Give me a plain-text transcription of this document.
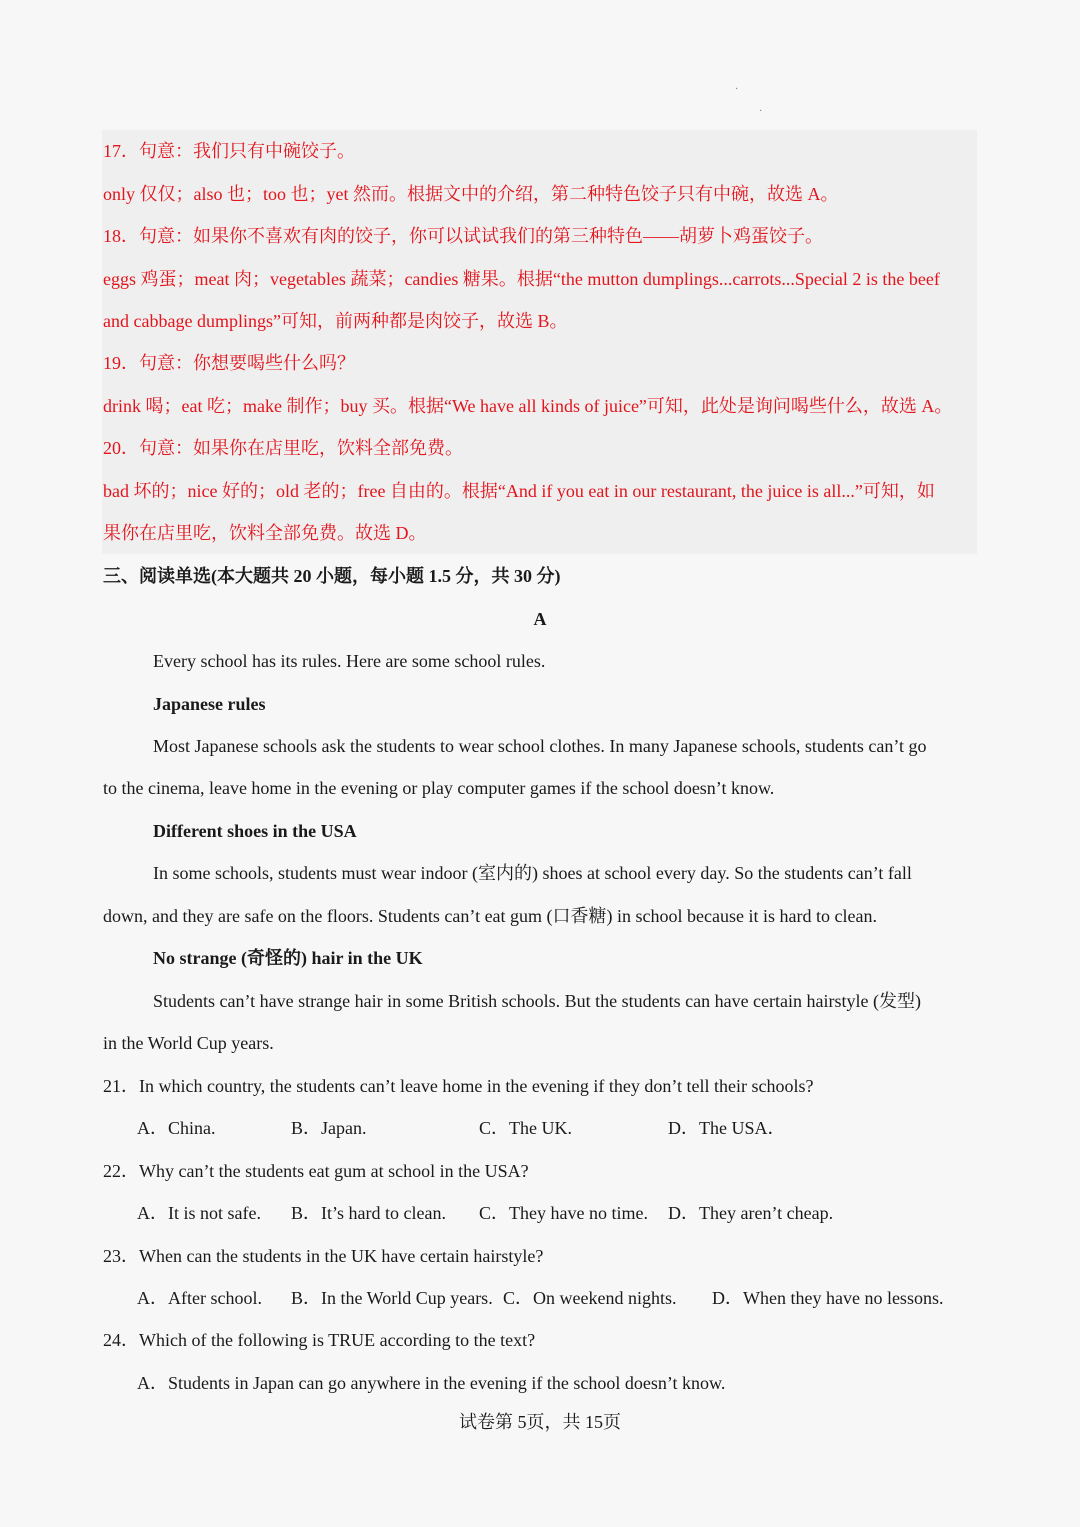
·
·
17．句意：我们只有中碗饺子。
only 仅仅；also 也；too 也；yet 然而。根据文中的介绍，第二种特色饺子只有中碗，故选 A。
18．句意：如果你不喜欢有肉的饺子，你可以试试我们的第三种特色——胡萝卜鸡蛋饺子。
eggs 鸡蛋；meat 肉；vegetables 蔬菜；candies 糖果。根据“the mutton dumplings...carrots...Special 2 is the beef
and cabbage dumplings”可知，前两种都是肉饺子，故选 B。
19．句意：你想要喝些什么吗？
drink 喝；eat 吃；make 制作；buy 买。根据“We have all kinds of juice”可知，此处是询问喝些什么，故选 A。
20．句意：如果你在店里吃，饮料全部免费。
bad 坏的；nice 好的；old 老的；free 自由的。根据“And if you eat in our restaurant, the juice is all...”可知，如
果你在店里吃，饮料全部免费。故选 D。
三、阅读单选(本大题共 20 小题，每小题 1.5 分，共 30 分)
A
Every school has its rules. Here are some school rules.
Japanese rules
Most Japanese schools ask the students to wear school clothes. In many Japanese schools, students can’t go
to the cinema, leave home in the evening or play computer games if the school doesn’t know.
Different shoes in the USA
In some schools, students must wear indoor (室内的) shoes at school every day. So the students can’t fall
down, and they are safe on the floors. Students can’t eat gum (口香糖) in school because it is hard to clean.
No strange (奇怪的) hair in the UK
Students can’t have strange hair in some British schools. But the students can have certain hairstyle (发型)
in the World Cup years.
21．In which country, the students can’t leave home in the evening if they don’t tell their schools?
A．China.	B．Japan.	C．The UK.	D．The USA．
22．Why can’t the students eat gum at school in the USA?
A．It is not safe. B．It’s hard to clean. C．They have no time. D．They aren’t cheap.
23．When can the students in the UK have certain hairstyle?
A．After school. B．In the World Cup years. C．On weekend nights. D．When they have no lessons.
24．Which of the following is TRUE according to the text?
A．Students in Japan can go anywhere in the evening if the school doesn’t know.
试卷第 5页，共 15页
